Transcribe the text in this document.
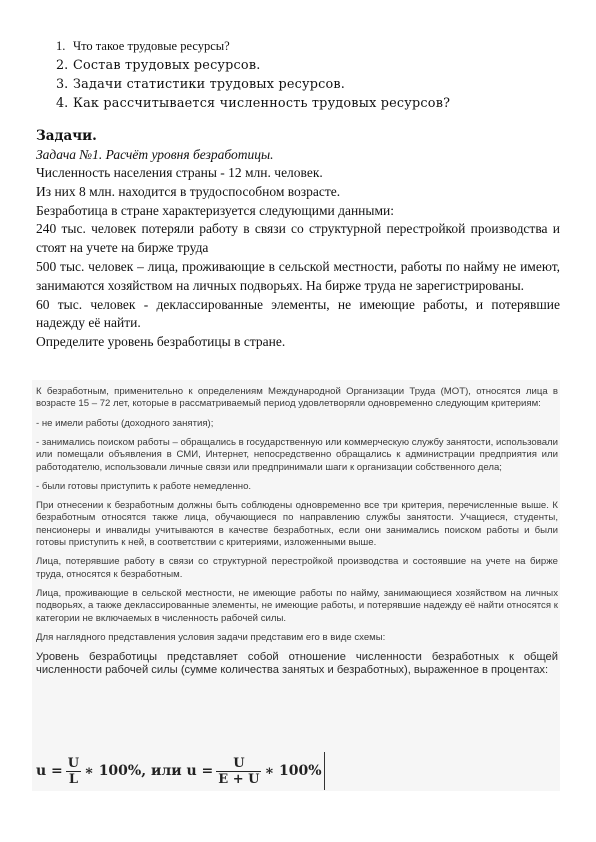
1. Что такое трудовые ресурсы?
2. Состав трудовых ресурсов.
3. Задачи статистики трудовых ресурсов.
4. Как рассчитывается численность трудовых ресурсов?
Задачи.
Задача №1. Расчёт уровня безработицы.

Численность населения страны - 12 млн. человек.

Из них 8 млн. находится в трудоспособном возрасте.

Безработица в стране характеризуется следующими данными:

240 тыс. человек потеряли работу в связи со структурной перестройкой производства и стоят на учете на бирже труда

500 тыс. человек – лица, проживающие в сельской местности, работы по найму не имеют, занимаются хозяйством на личных подворьях. На бирже труда не зарегистрированы.

60 тыс. человек - деклассированные элементы, не имеющие работы, и потерявшие надежду её найти.

Определите уровень безработицы в стране.

К безработным, применительно к определениям Международной Организации Труда (МОТ), относятся лица в возрасте 15 – 72 лет, которые в рассматриваемый период удовлетворяли одновременно следующим критериям:

- не имели работы (доходного занятия);

- занимались поиском работы – обращались в государственную или коммерческую службу занятости, использовали или помещали объявления в СМИ, Интернет, непосредственно обращались к администрации предприятия или работодателю, использовали личные связи или предпринимали шаги к организации собственного дела;

- были готовы приступить к работе немедленно.

При отнесении к безработным должны быть соблюдены одновременно все три критерия, перечисленные выше. К безработным относятся также лица, обучающиеся по направлению службы занятости. Учащиеся, студенты, пенсионеры и инвалиды учитываются в качестве безработных, если они занимались поиском работы и были готовы приступить к ней, в соответствии с критериями, изложенными выше.

Лица, потерявшие работу в связи со структурной перестройкой производства и состоявшие на учете на бирже труда, относятся к безработным.

Лица, проживающие в сельской местности, не имеющие работы по найму, занимающиеся хозяйством на личных подворьях, а также деклассированные элементы, не имеющие работы, и потерявшие надежду её найти относятся к категории не включаемых в численность рабочей силы.

Для наглядного представления условия задачи представим его в виде схемы:

Уровень безработицы представляет собой отношение численности безработных к общей численности рабочей силы (сумме количества занятых и безработных), выраженное в процентах:

$u = \frac{U}{L}$ ∗ 100%, или $u = \frac{U}{E + U}$ ∗ 100%
